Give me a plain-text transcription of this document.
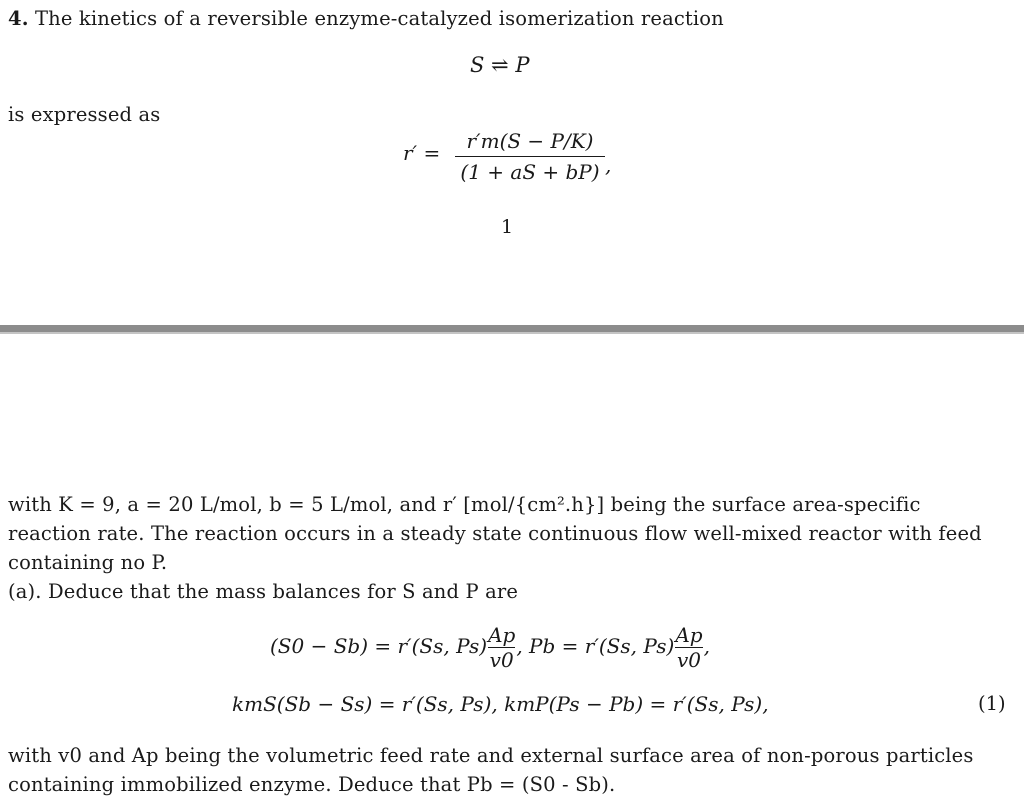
4. The kinetics of a reversible enzyme-catalyzed isomerization reaction
S ⇌ P
is expressed as
r′ =	r′m(S − P/K)
(1 + aS + bP) ,
1
with K = 9, a = 20 L/mol, b = 5 L/mol, and r′ [mol/{cm².h}] being the surface area-specific
reaction rate. The reaction occurs in a steady state continuous flow well-mixed reactor with feed
containing no P.
(a). Deduce that the mass balances for S and P are
(S0 − Sb) = r′(Ss, $Ps) \frac{Ap}{v0}$ , Pb = r′(Ss, $Ps) \frac{Ap}{v0}$ ,
kmS(Sb − Ss) = r′(Ss, Ps), kmP(Ps − Pb) = r′(Ss, Ps),	(1)
with v0 and Ap being the volumetric feed rate and external surface area of non-porous particles
containing immobilized enzyme. Deduce that Pb = (S0 - Sb).
